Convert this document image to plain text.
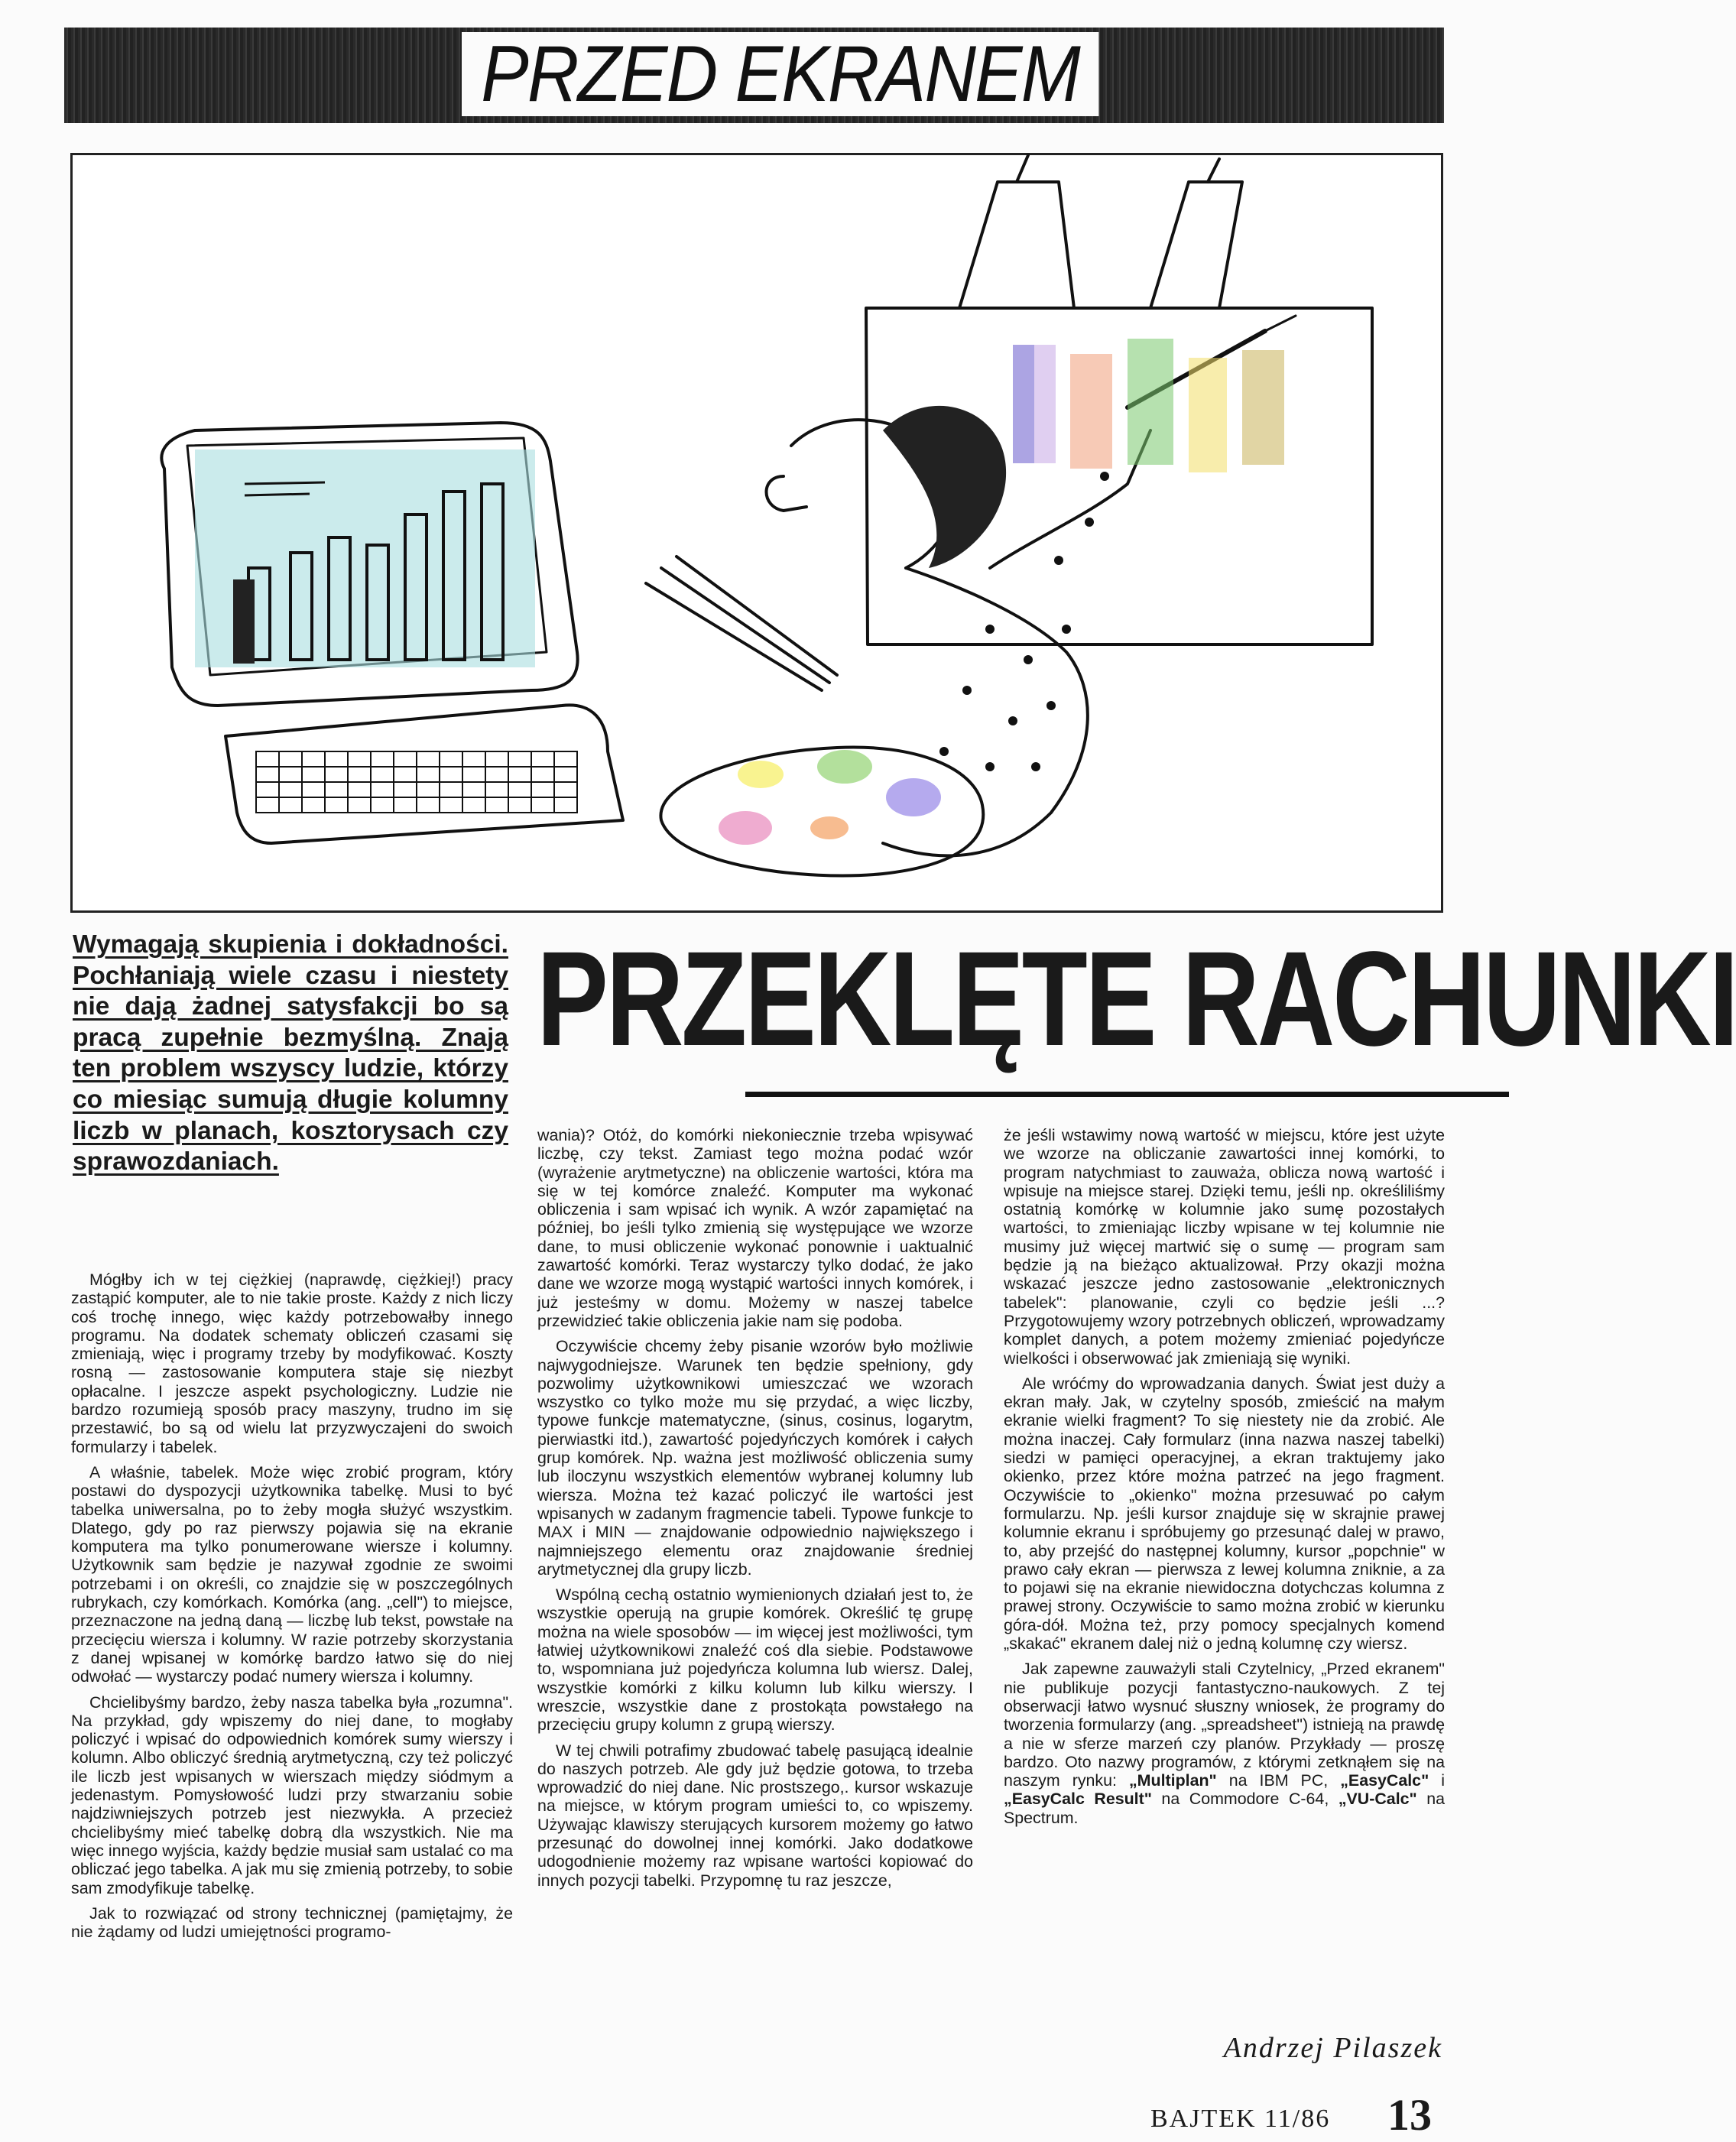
PRZED EKRANEM
Wymagają skupienia i dokładności. Pochłaniają wiele czasu i niestety nie dają żadnej satysfakcji bo są pracą zupełnie bezmyślną. Znają ten problem wszyscy ludzie, którzy co miesiąc sumują długie kolumny liczb w planach, kosztorysach czy sprawozdaniach.
PRZEKLĘTE RACHUNKI

Mógłby ich w tej ciężkiej (naprawdę, ciężkiej!) pracy zastąpić komputer, ale to nie takie proste. Każdy z nich liczy coś trochę innego, więc każdy potrzebowałby innego programu. Na dodatek schematy obliczeń czasami się zmieniają, więc i programy trzeby by modyfikować. Koszty rosną — zastosowanie komputera staje się niezbyt opłacalne. I jeszcze aspekt psychologiczny. Ludzie nie bardzo rozumieją sposób pracy maszyny, trudno im się przestawić, bo są od wielu lat przyzwyczajeni do swoich formularzy i tabelek.

A właśnie, tabelek. Może więc zrobić program, który postawi do dyspozycji użytkownika tabelkę. Musi to być tabelka uniwersalna, po to żeby mogła służyć wszystkim. Dlatego, gdy po raz pierwszy pojawia się na ekranie komputera ma tylko ponumerowane wiersze i kolumny. Użytkownik sam będzie je nazywał zgodnie ze swoimi potrzebami i on określi, co znajdzie się w poszczególnych rubrykach, czy komórkach. Komórka (ang. „cell") to miejsce, przeznaczone na jedną daną — liczbę lub tekst, powstałe na przecięciu wiersza i kolumny. W razie potrzeby skorzystania z danej wpisanej w komórkę bardzo łatwo się do niej odwołać — wystarczy podać numery wiersza i kolumny.

Chcielibyśmy bardzo, żeby nasza tabelka była „rozumna". Na przykład, gdy wpiszemy do niej dane, to mogłaby policzyć i wpisać do odpowiednich komórek sumy wierszy i kolumn. Albo obliczyć średnią arytmetyczną, czy też policzyć ile liczb jest wpisanych w wierszach między siódmym a jedenastym. Pomysłowość ludzi przy stwarzaniu sobie najdziwniejszych potrzeb jest niezwykła. A przecież chcielibyśmy mieć tabelkę dobrą dla wszystkich. Nie ma więc innego wyjścia, każdy będzie musiał sam ustalać co ma obliczać jego tabelka. A jak mu się zmienią potrzeby, to sobie sam zmodyfikuje tabelkę.

Jak to rozwiązać od strony technicznej (pamiętajmy, że nie żądamy od ludzi umiejętności programo-

wania)? Otóż, do komórki niekoniecznie trzeba wpisywać liczbę, czy tekst. Zamiast tego można podać wzór (wyrażenie arytmetyczne) na obliczenie wartości, która ma się w tej komórce znaleźć. Komputer ma wykonać obliczenia i sam wpisać ich wynik. A wzór zapamiętać na później, bo jeśli tylko zmienią się występujące we wzorze dane, to musi obliczenie wykonać ponownie i uaktualnić zawartość komórki. Teraz wystarczy tylko dodać, że jako dane we wzorze mogą wystąpić wartości innych komórek, i już jesteśmy w domu. Możemy w naszej tabelce przewidzieć takie obliczenia jakie nam się podoba.

Oczywiście chcemy żeby pisanie wzorów było możliwie najwygodniejsze. Warunek ten będzie spełniony, gdy pozwolimy użytkownikowi umieszczać we wzorach wszystko co tylko może mu się przydać, a więc liczby, typowe funkcje matematyczne, (sinus, cosinus, logarytm, pierwiastki itd.), zawartość pojedyńczych komórek i całych grup komórek. Np. ważna jest możliwość obliczenia sumy lub iloczynu wszystkich elementów wybranej kolumny lub wiersza. Można też kazać policzyć ile wartości jest wpisanych w zadanym fragmencie tabeli. Typowe funkcje to MAX i MIN — znajdowanie odpowiednio największego i najmniejszego elementu oraz znajdowanie średniej arytmetycznej dla grupy liczb.

Wspólną cechą ostatnio wymienionych działań jest to, że wszystkie operują na grupie komórek. Określić tę grupę można na wiele sposobów — im więcej jest możliwości, tym łatwiej użytkownikowi znaleźć coś dla siebie. Podstawowe to, wspomniana już pojedyńcza kolumna lub wiersz. Dalej, wszystkie komórki z kilku kolumn lub kilku wierszy. I wreszcie, wszystkie dane z prostokąta powstałego na przecięciu grupy kolumn z grupą wierszy.

W tej chwili potrafimy zbudować tabelę pasującą idealnie do naszych potrzeb. Ale gdy już będzie gotowa, to trzeba wprowadzić do niej dane. Nic prostszego,. kursor wskazuje na miejsce, w którym program umieści to, co wpiszemy. Używając klawiszy sterujących kursorem możemy go łatwo przesunąć do dowolnej innej komórki. Jako dodatkowe udogodnienie możemy raz wpisane wartości kopiować do innych pozycji tabelki. Przypomnę tu raz jeszcze,

że jeśli wstawimy nową wartość w miejscu, które jest użyte we wzorze na obliczanie zawartości innej komórki, to program natychmiast to zauważa, oblicza nową wartość i wpisuje na miejsce starej. Dzięki temu, jeśli np. określiliśmy ostatnią komórkę w kolumnie jako sumę pozostałych wartości, to zmieniając liczby wpisane w tej kolumnie nie musimy już więcej martwić się o sumę — program sam będzie ją na bieżąco aktualizował. Przy okazji można wskazać jeszcze jedno zastosowanie „elektronicznych tabelek": planowanie, czyli co będzie jeśli ...? Przygotowujemy wzory potrzebnych obliczeń, wprowadzamy komplet danych, a potem możemy zmieniać pojedyńcze wielkości i obserwować jak zmieniają się wyniki.

Ale wróćmy do wprowadzania danych. Świat jest duży a ekran mały. Jak, w czytelny sposób, zmieścić na małym ekranie wielki fragment? To się niestety nie da zrobić. Ale można inaczej. Cały formularz (inna nazwa naszej tabelki) siedzi w pamięci operacyjnej, a ekran traktujemy jako okienko, przez które można patrzeć na jego fragment. Oczywiście to „okienko" można przesuwać po całym formularzu. Np. jeśli kursor znajduje się w skrajnie prawej kolumnie ekranu i spróbujemy go przesunąć dalej w prawo, to, aby przejść do następnej kolumny, kursor „popchnie" w prawo cały ekran — pierwsza z lewej kolumna zniknie, a za to pojawi się na ekranie niewidoczna dotychczas kolumna z prawej strony. Oczywiście to samo można zrobić w kierunku góra-dół. Można też, przy pomocy specjalnych komend „skakać" ekranem dalej niż o jedną kolumnę czy wiersz.

Jak zapewne zauważyli stali Czytelnicy, „Przed ekranem" nie publikuje pozycji fantastyczno-naukowych. Z tej obserwacji łatwo wysnuć słuszny wniosek, że programy do tworzenia formularzy (ang. „spreadsheet") istnieją na prawdę a nie w sferze marzeń czy planów. Przykłady — proszę bardzo. Oto nazwy programów, z którymi zetknąłem się na naszym rynku: „Multiplan" na IBM PC, „EasyCalc" i „EasyCalc Result" na Commodore C-64, „VU-Calc" na Spectrum.

Andrzej Pilaszek
BAJTEK 11/86 13
